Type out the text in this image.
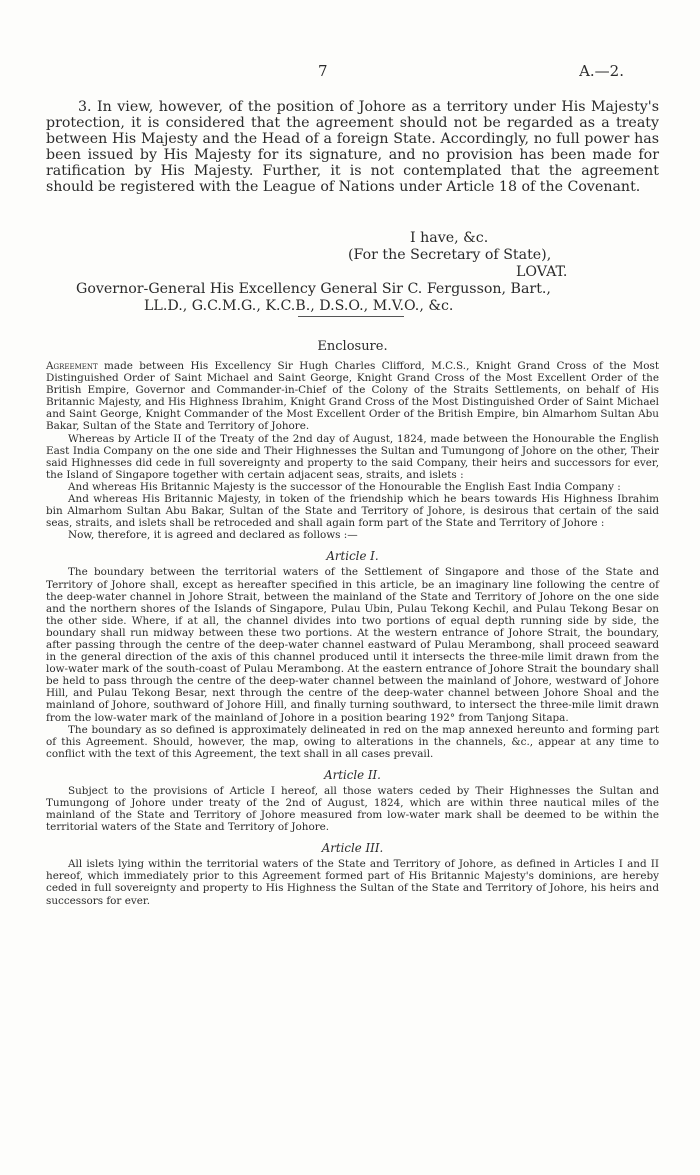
7	A.—2.

3. In view, however, of the position of Johore as a territory under His Majesty's protection, it is considered that the agreement should not be regarded as a treaty between His Majesty and the Head of a foreign State. Accordingly, no full power has been issued by His Majesty for its signature, and no provision has been made for ratification by His Majesty. Further, it is not contemplated that the agreement should be registered with the League of Nations under Article 18 of the Covenant.

I have, &c.

(For the Secretary of State),

LOVAT.

Governor-General His Excellency General Sir C. Fergusson, Bart.,

LL.D., G.C.M.G., K.C.B., D.S.O., M.V.O., &c.

Enclosure.

Agreement made between His Excellency Sir Hugh Charles Clifford, M.C.S., Knight Grand Cross of the Most Distinguished Order of Saint Michael and Saint George, Knight Grand Cross of the Most Excellent Order of the British Empire, Governor and Commander-in-Chief of the Colony of the Straits Settlements, on behalf of His Britannic Majesty, and His Highness Ibrahim, Knight Grand Cross of the Most Distinguished Order of Saint Michael and Saint George, Knight Commander of the Most Excellent Order of the British Empire, bin Almarhom Sultan Abu Bakar, Sultan of the State and Territory of Johore.

Whereas by Article II of the Treaty of the 2nd day of August, 1824, made between the Honourable the English East India Company on the one side and Their Highnesses the Sultan and Tumungong of Johore on the other, Their said Highnesses did cede in full sovereignty and property to the said Company, their heirs and successors for ever, the Island of Singapore together with certain adjacent seas, straits, and islets :

And whereas His Britannic Majesty is the successor of the Honourable the English East India Company :

And whereas His Britannic Majesty, in token of the friendship which he bears towards His Highness Ibrahim bin Almarhom Sultan Abu Bakar, Sultan of the State and Territory of Johore, is desirous that certain of the said seas, straits, and islets shall be retroceded and shall again form part of the State and Territory of Johore :

Now, therefore, it is agreed and declared as follows :—

Article I.

The boundary between the territorial waters of the Settlement of Singapore and those of the State and Territory of Johore shall, except as hereafter specified in this article, be an imaginary line following the centre of the deep-water channel in Johore Strait, between the mainland of the State and Territory of Johore on the one side and the northern shores of the Islands of Singapore, Pulau Ubin, Pulau Tekong Kechil, and Pulau Tekong Besar on the other side. Where, if at all, the channel divides into two portions of equal depth running side by side, the boundary shall run midway between these two portions. At the western entrance of Johore Strait, the boundary, after passing through the centre of the deep-water channel eastward of Pulau Merambong, shall proceed seaward in the general direction of the axis of this channel produced until it intersects the three-mile limit drawn from the low-water mark of the south-coast of Pulau Merambong. At the eastern entrance of Johore Strait the boundary shall be held to pass through the centre of the deep-water channel between the mainland of Johore, westward of Johore Hill, and Pulau Tekong Besar, next through the centre of the deep-water channel between Johore Shoal and the mainland of Johore, southward of Johore Hill, and finally turning southward, to intersect the three-mile limit drawn from the low-water mark of the mainland of Johore in a position bearing 192° from Tanjong Sitapa.

The boundary as so defined is approximately delineated in red on the map annexed hereunto and forming part of this Agreement. Should, however, the map, owing to alterations in the channels, &c., appear at any time to conflict with the text of this Agreement, the text shall in all cases prevail.

Article II.

Subject to the provisions of Article I hereof, all those waters ceded by Their Highnesses the Sultan and Tumungong of Johore under treaty of the 2nd of August, 1824, which are within three nautical miles of the mainland of the State and Territory of Johore measured from low-water mark shall be deemed to be within the territorial waters of the State and Territory of Johore.

Article III.

All islets lying within the territorial waters of the State and Territory of Johore, as defined in Articles I and II hereof, which immediately prior to this Agreement formed part of His Britannic Majesty's dominions, are hereby ceded in full sovereignty and property to His Highness the Sultan of the State and Territory of Johore, his heirs and successors for ever.
